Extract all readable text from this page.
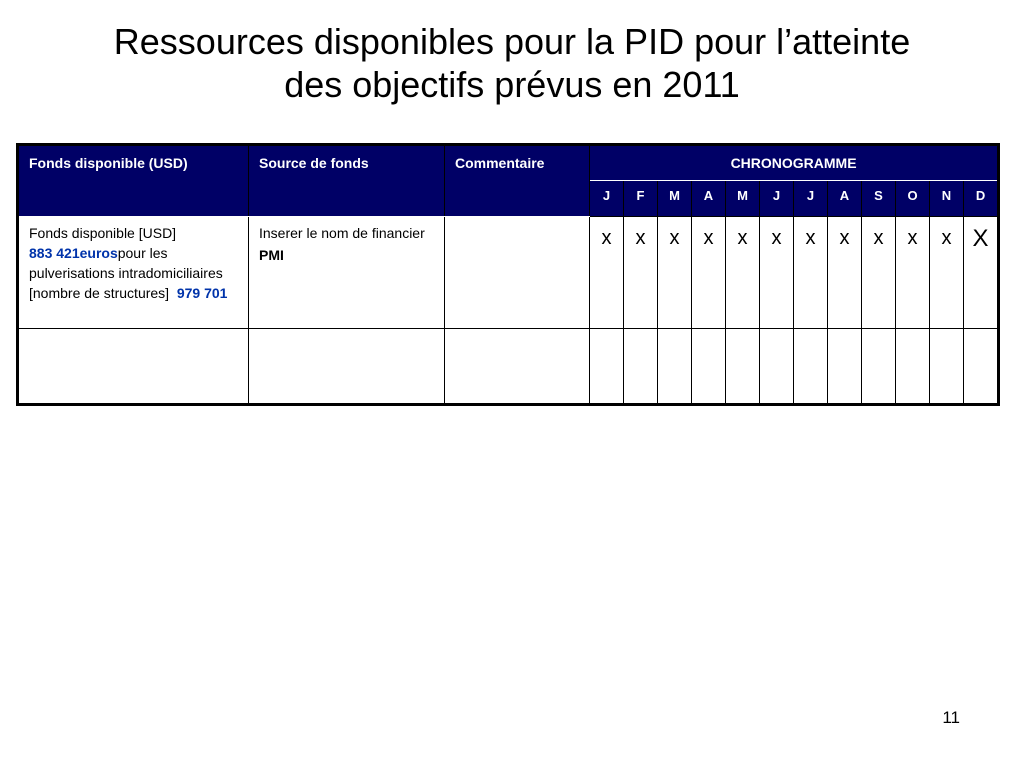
Ressources disponibles pour la PID pour l’atteinte
des objectifs prévus en 2011
Fonds disponible (USD)	Source de fonds	Commentaire	CHRONOGRAMME											
			J	F	M	A	M	J	J	A	S	O	N	D
Fonds disponible [USD]
883 421eurospour les pulverisations intradomiciliaires [nombre de structures] 979 701	Inserer le nom de financier
PMI		x	x	x	x	x	x	x	x	x	x	x	X

11
